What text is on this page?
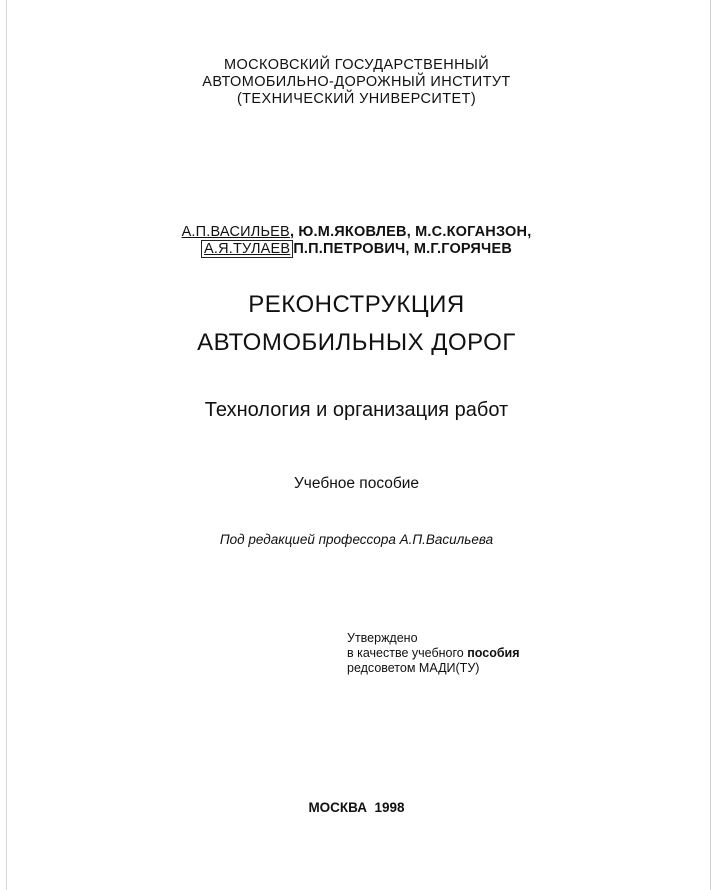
МОСКОВСКИЙ ГОСУДАРСТВЕННЫЙ
АВТОМОБИЛЬНО-ДОРОЖНЫЙ ИНСТИТУТ
(ТЕХНИЧЕСКИЙ УНИВЕРСИТЕТ)
А.П.ВАСИЛЬЕВ, Ю.М.ЯКОВЛЕВ, М.С.КОГАНЗОН,
А.Я.ТУЛАЕВ П.П.ПЕТРОВИЧ, М.Г.ГОРЯЧЕВ
РЕКОНСТРУКЦИЯ
АВТОМОБИЛЬНЫХ ДОРОГ
Технология и организация работ
Учебное пособие
Под редакцией профессора А.П.Васильева
Утверждено
в качестве учебного пособия
редсоветом МАДИ(ТУ)
МОСКВА 1998
